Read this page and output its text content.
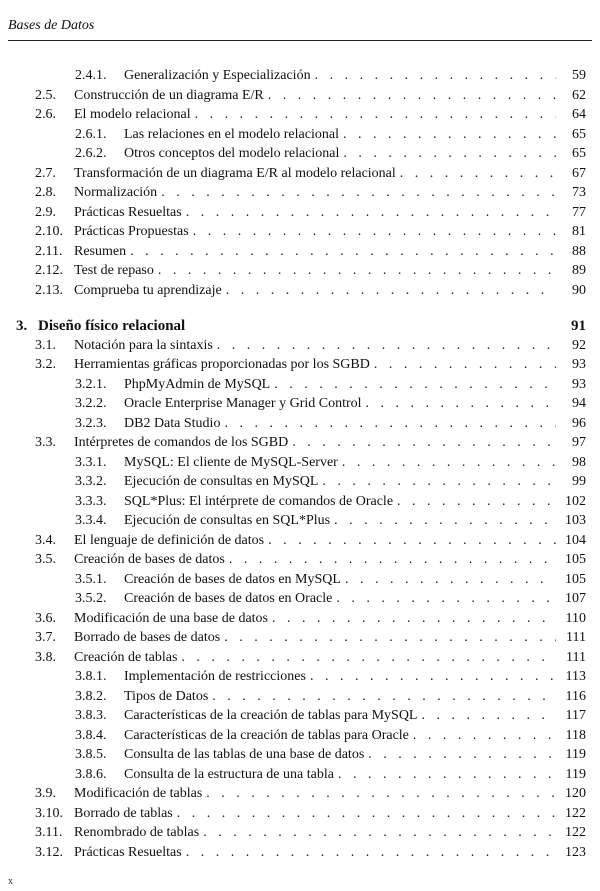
Bases de Datos
2.4.1.	Generalización y Especialización . . .	59
2.5.	Construcción de un diagrama E/R . . .	62
2.6.	El modelo relacional . . .	64
2.6.1.	Las relaciones en el modelo relacional . . .	65
2.6.2.	Otros conceptos del modelo relacional . . .	65
2.7.	Transformación de un diagrama E/R al modelo relacional . . .	67
2.8.	Normalización . . .	73
2.9.	Prácticas Resueltas . . .	77
2.10. Prácticas Propuestas . . .	81
2.11. Resumen . . .	88
2.12. Test de repaso . . .	89
2.13. Comprueba tu aprendizaje . . .	90
3. Diseño físico relacional	91
3.1.	Notación para la sintaxis . . .	92
3.2.	Herramientas gráficas proporcionadas por los SGBD . . .	93
3.2.1.	PhpMyAdmin de MySQL . . .	93
3.2.2.	Oracle Enterprise Manager y Grid Control . . .	94
3.2.3.	DB2 Data Studio . . .	96
3.3.	Intérpretes de comandos de los SGBD . . .	97
3.3.1.	MySQL: El cliente de MySQL-Server . . .	98
3.3.2.	Ejecución de consultas en MySQL . . .	99
3.3.3.	SQL*Plus: El intérprete de comandos de Oracle . . .	102
3.3.4.	Ejecución de consultas en SQL*Plus . . .	103
3.4.	El lenguaje de definición de datos . . .	104
3.5.	Creación de bases de datos . . .	105
3.5.1.	Creación de bases de datos en MySQL . . .	105
3.5.2.	Creación de bases de datos en Oracle . . .	107
3.6.	Modificación de una base de datos . . .	110
3.7.	Borrado de bases de datos . . .	111
3.8.	Creación de tablas . . .	111
3.8.1.	Implementación de restricciones . . .	113
3.8.2.	Tipos de Datos . . .	116
3.8.3.	Características de la creación de tablas para MySQL . . .	117
3.8.4.	Características de la creación de tablas para Oracle . . .	118
3.8.5.	Consulta de las tablas de una base de datos . . .	119
3.8.6.	Consulta de la estructura de una tabla . . .	119
3.9.	Modificación de tablas . . .	120
3.10. Borrado de tablas . . .	122
3.11. Renombrado de tablas . . .	122
3.12. Prácticas Resueltas . . .	123
x
